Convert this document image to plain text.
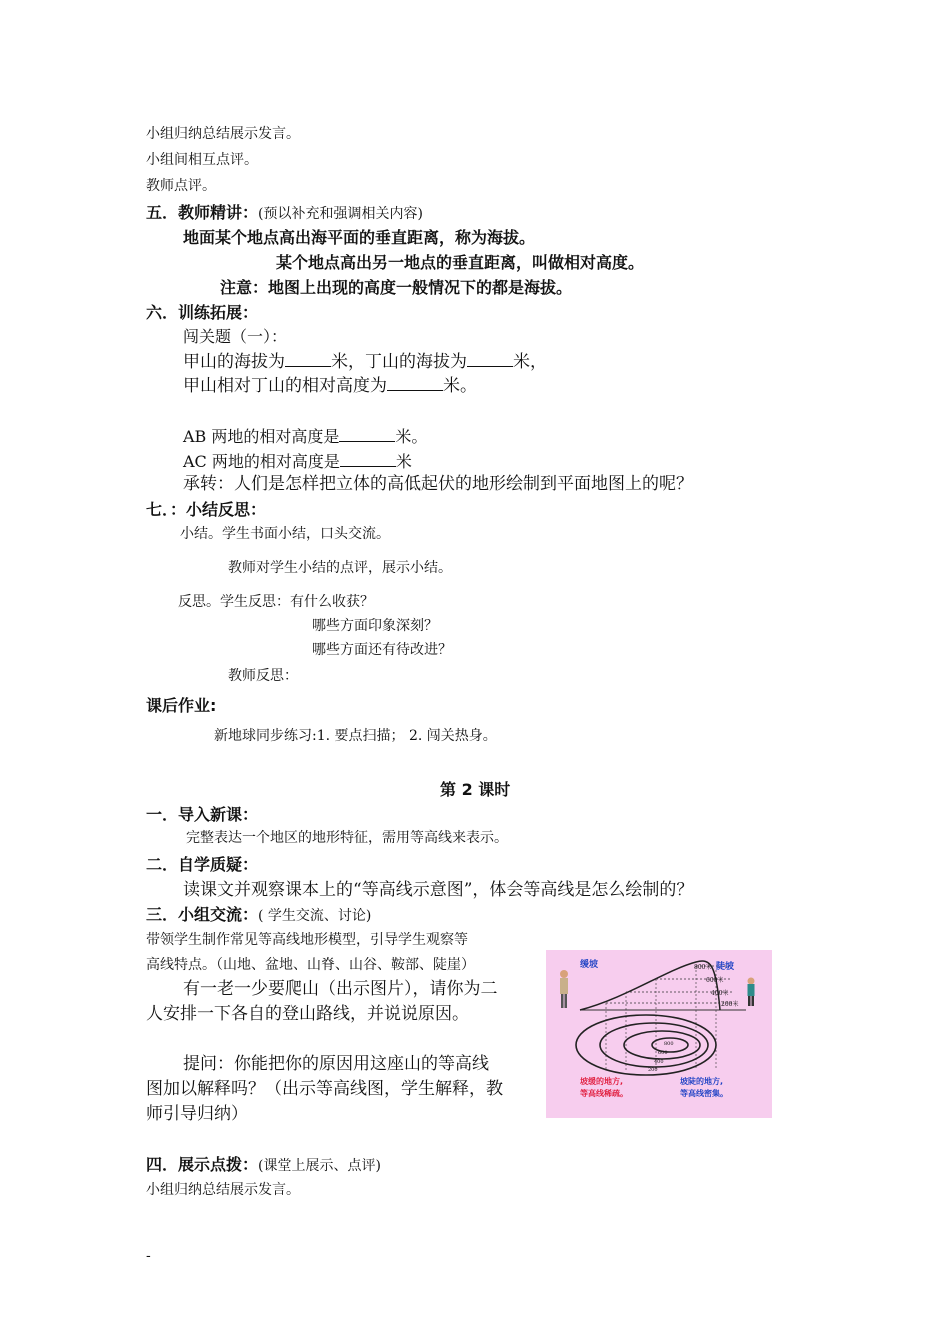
小组归纳总结展示发言。
小组间相互点评。
教师点评。
五．教师精讲：(预以补充和强调相关内容)
地面某个地点高出海平面的垂直距离，称为海拔。
某个地点高出另一地点的垂直距离，叫做相对高度。
注意：地图上出现的高度一般情况下的都是海拔。
六．训练拓展：
闯关题（一）：
甲山的海拔为	米，丁山的海拔为	米，
甲山相对丁山的相对高度为	米。
AB 两地的相对高度是	米。
AC 两地的相对高度是	米
承转：人们是怎样把立体的高低起伏的地形绘制到平面地图上的呢？
七．：小结反思：
小结。学生书面小结，口头交流。
教师对学生小结的点评，展示小结。
反思。学生反思：有什么收获？
哪些方面印象深刻？
哪些方面还有待改进？
教师反思：
课后作业:
新地球同步练习:1. 要点扫描； 2. 闯关热身。
第 2 课时
一．导入新课：
完整表达一个地区的地形特征，需用等高线来表示。
二．自学质疑：
读课文并观察课本上的“等高线示意图”，体会等高线是怎么绘制的？
三．小组交流：( 学生交流、讨论)
带领学生制作常见等高线地形模型，引导学生观察等
高线特点。（山地、盆地、山脊、山谷、鞍部、陡崖）
有一老一少要爬山（出示图片），请你为二
人安排一下各自的登山路线，并说说原因。
提问：你能把你的原因用这座山的等高线
图加以解释吗？（出示等高线图，学生解释，教
师引导归纳）
缓坡	陡坡
800米
600米
400米
200米
800
600
400
200
坡缓的地方,
等高线稀疏。
坡陡的地方,
等高线密集。
四．展示点拨：(课堂上展示、点评)
小组归纳总结展示发言。
-
